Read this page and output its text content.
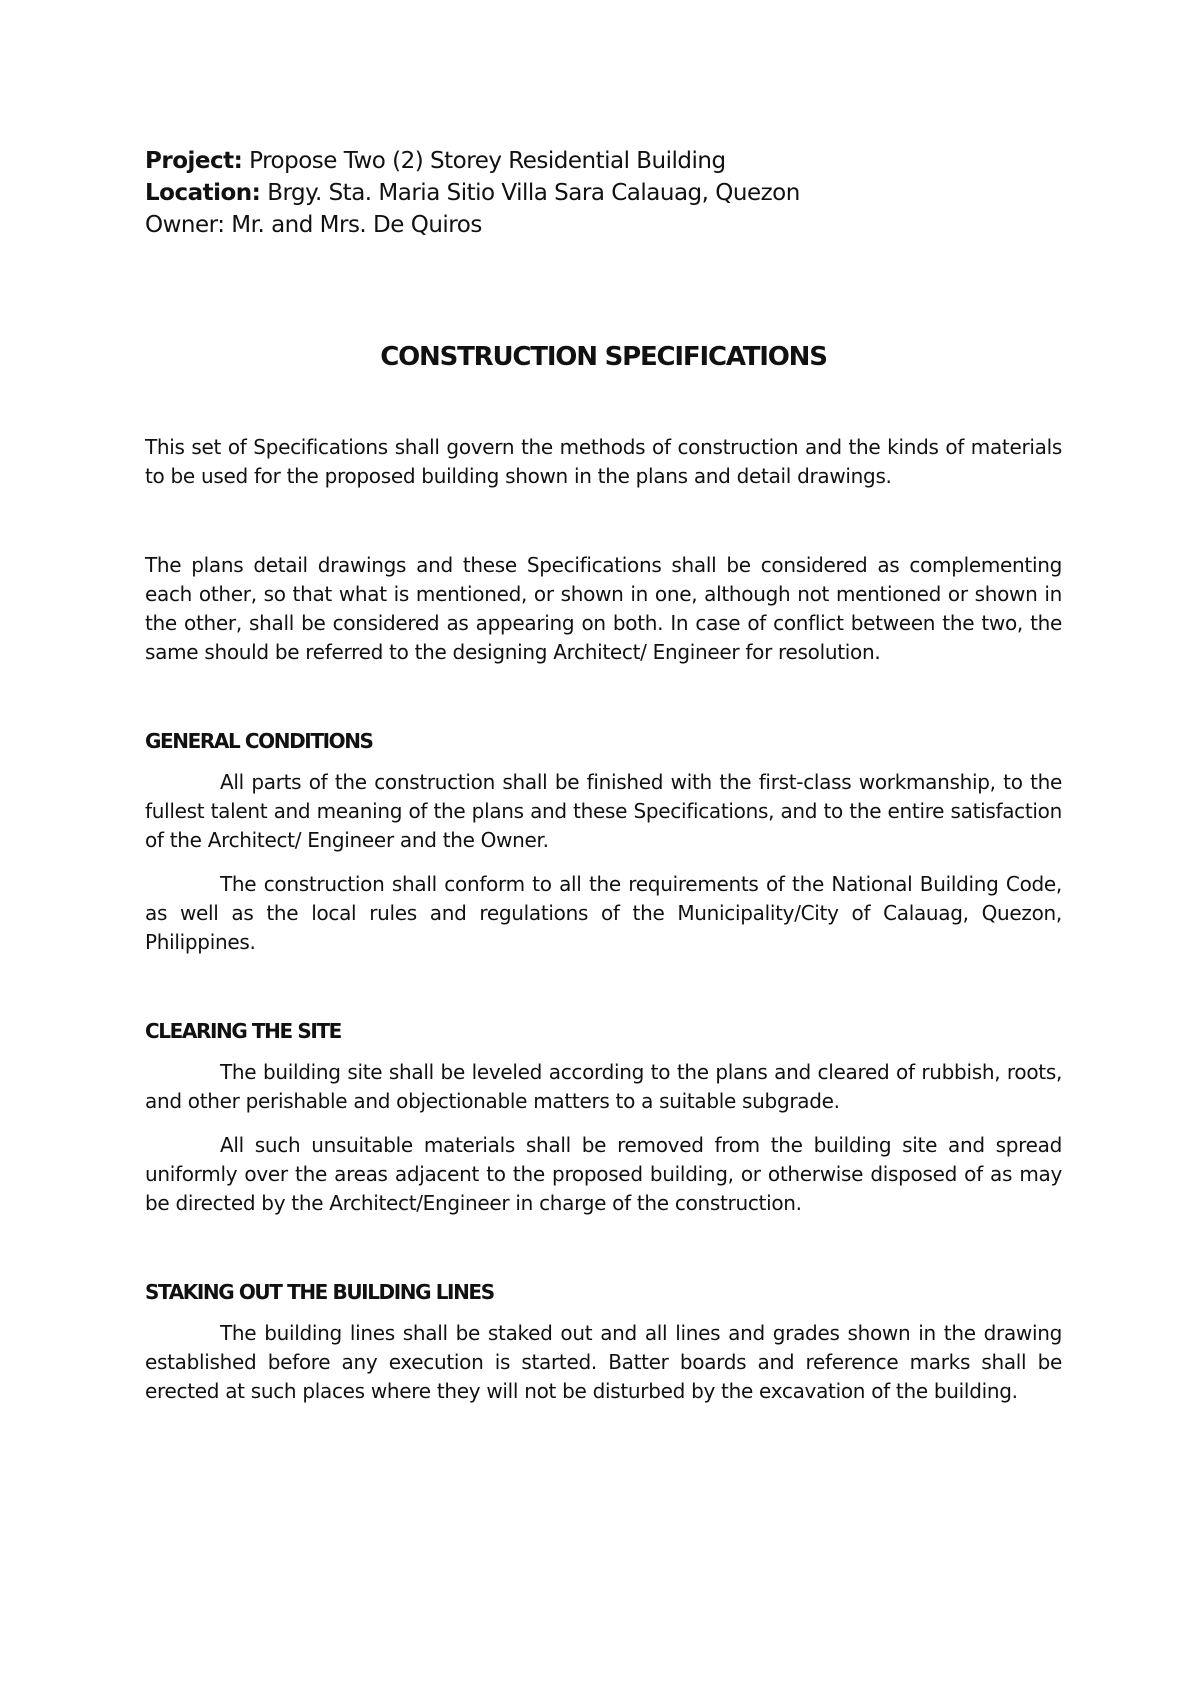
Project: Propose Two (2) Storey Residential Building
Location: Brgy. Sta. Maria Sitio Villa Sara Calauag, Quezon
Owner: Mr. and Mrs. De Quiros
CONSTRUCTION SPECIFICATIONS

This set of Specifications shall govern the methods of construction and the kinds of materials to be used for the proposed building shown in the plans and detail drawings.

The plans detail drawings and these Specifications shall be considered as complementing each other, so that what is mentioned, or shown in one, although not mentioned or shown in the other, shall be considered as appearing on both. In case of conflict between the two, the same should be referred to the designing Architect/ Engineer for resolution.

GENERAL CONDITIONS

All parts of the construction shall be finished with the first-class workmanship, to the fullest talent and meaning of the plans and these Specifications, and to the entire satisfaction of the Architect/ Engineer and the Owner.

The construction shall conform to all the requirements of the National Building Code, as well as the local rules and regulations of the Municipality/City of Calauag, Quezon, Philippines.

CLEARING THE SITE

The building site shall be leveled according to the plans and cleared of rubbish, roots, and other perishable and objectionable matters to a suitable subgrade.

All such unsuitable materials shall be removed from the building site and spread uniformly over the areas adjacent to the proposed building, or otherwise disposed of as may be directed by the Architect/Engineer in charge of the construction.

STAKING OUT THE BUILDING LINES

The building lines shall be staked out and all lines and grades shown in the drawing established before any execution is started. Batter boards and reference marks shall be erected at such places where they will not be disturbed by the excavation of the building.
